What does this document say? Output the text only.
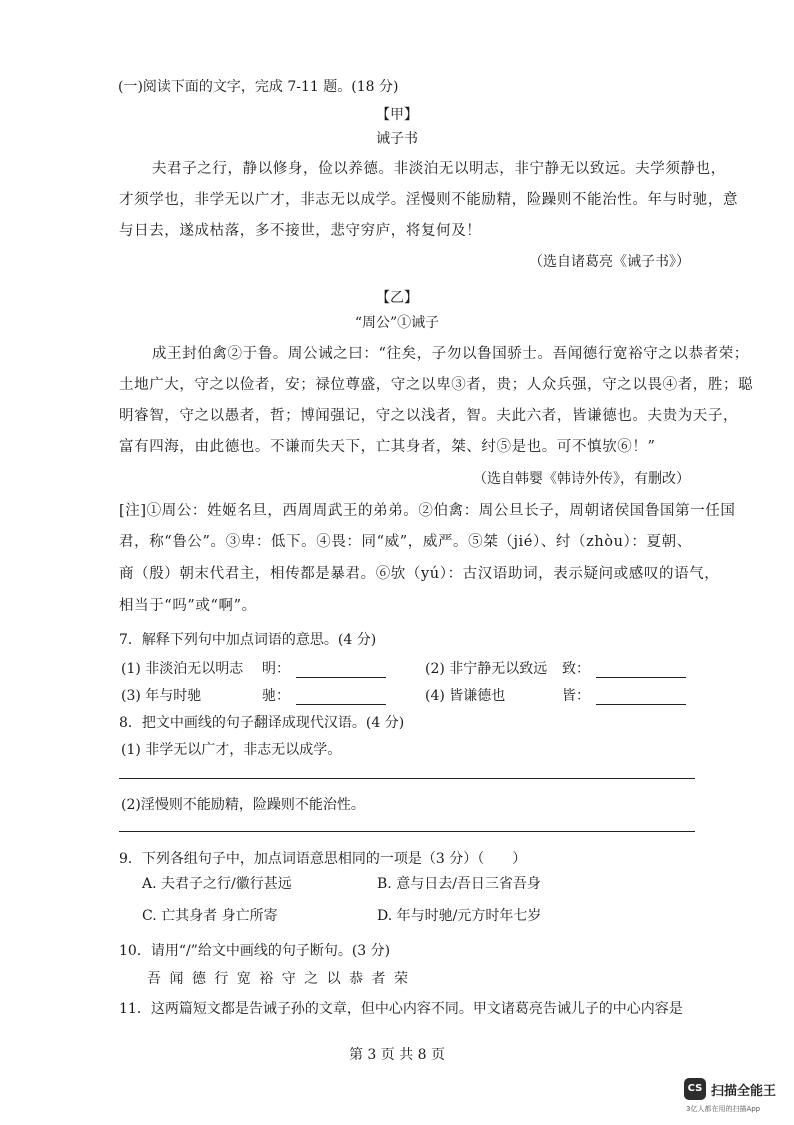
(一)阅读下面的文字，完成 7-11 题。(18 分)
【甲】
诫子书
夫君子之行，静以修身，俭以养德。非淡泊无以明志，非宁静无以致远。夫学须静也，
才须学也，非学无以广才，非志无以成学。淫慢则不能励精，险躁则不能治性。年与时驰，意
与日去，遂成枯落，多不接世，悲守穷庐，将复何及！
（选自诸葛亮《诫子书》）
【乙】
“周公”①诫子
成王封伯禽②于鲁。周公诫之曰：“往矣，子勿以鲁国骄士。吾闻德行宽裕守之以恭者荣；
土地广大，守之以俭者，安；禄位尊盛，守之以卑③者，贵；人众兵强，守之以畏④者，胜；聪
明睿智，守之以愚者，哲；博闻强记，守之以浅者，智。夫此六者，皆谦德也。夫贵为天子，
富有四海，由此德也。不谦而失天下，亡其身者，桀、纣⑤是也。可不慎欤⑥！”
（选自韩婴《韩诗外传》，有删改）
[注]①周公：姓姬名旦，西周周武王的弟弟。②伯禽：周公旦长子，周朝诸侯国鲁国第一任国
君，称“鲁公”。③卑：低下。④畏：同“威”，威严。⑤桀（jié）、纣（zhòu）：夏朝、
商（殷）朝末代君主，相传都是暴君。⑥欤（yú）：古汉语助词，表示疑问或感叹的语气，
相当于“吗”或“啊”。
7．解释下列句中加点词语的意思。(4 分)
(1) 非淡泊无以明志 明：	(2) 非宁静无以致远 致：
(3) 年与时驰	驰：	(4) 皆谦德也	皆：
8．把文中画线的句子翻译成现代汉语。(4 分)
(1) 非学无以广才，非志无以成学。
(2)淫慢则不能励精，险躁则不能治性。
9．下列各组句子中，加点词语意思相同的一项是（3 分）（　　）
A. 夫君子之行/徽行甚远	B. 意与日去/吾日三省吾身
C. 亡其身者 身亡所寄	D. 年与时驰/元方时年七岁
10．请用“/”给文中画线的句子断句。(3 分)
吾 闻 德 行 宽 裕 守 之 以 恭 者 荣
11．这两篇短文都是告诫子孙的文章，但中心内容不同。甲文诸葛亮告诫儿子的中心内容是
第 3 页 共 8 页
CS 扫描全能王
3亿人都在用的扫描App
